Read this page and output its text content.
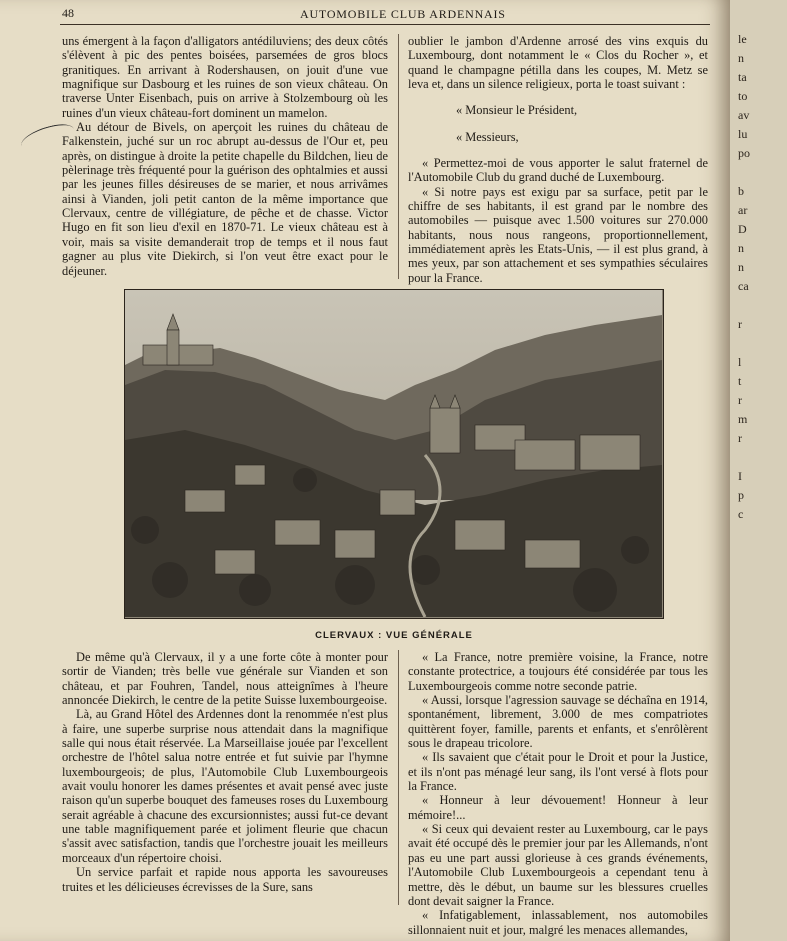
48	AUTOMOBILE CLUB ARDENNAIS

uns émergent à la façon d'alligators antédiluviens; des deux côtés s'élèvent à pic des pentes boisées, parsemées de gros blocs granitiques. En arrivant à Rodershausen, on jouit d'une vue magnifique sur Dasbourg et les ruines de son vieux château. On traverse Unter Eisenbach, puis on arrive à Stolzembourg où les ruines d'un vieux château-fort dominent un mamelon.

Au détour de Bivels, on aperçoit les ruines du château de Falkenstein, juché sur un roc abrupt au-dessus de l'Our et, peu après, on distingue à droite la petite chapelle du Bildchen, lieu de pèlerinage très fréquenté pour la guérison des ophtalmies et aussi par les jeunes filles désireuses de se marier, et nous arrivâmes ainsi à Vianden, joli petit canton de la même importance que Clervaux, centre de villégiature, de pêche et de chasse. Victor Hugo en fit son lieu d'exil en 1870-71. Le vieux château est à voir, mais sa visite demanderait trop de temps et il nous faut gagner au plus vite Diekirch, si l'on veut être exact pour le déjeuner.

oublier le jambon d'Ardenne arrosé des vins exquis du Luxembourg, dont notamment le « Clos du Rocher », et quand le champagne pétilla dans les coupes, M. Metz se leva et, dans un silence religieux, porta le toast suivant :

« Monsieur le Président,

« Messieurs,

« Permettez-moi de vous apporter le salut fraternel de l'Automobile Club du grand duché de Luxembourg.

« Si notre pays est exigu par sa surface, petit par le chiffre de ses habitants, il est grand par le nombre des automobiles — puisque avec 1.500 voitures sur 270.000 habitants, nous nous rangeons, proportionnellement, immédiatement après les Etats-Unis, — il est plus grand, à mes yeux, par son attachement et ses sympathies séculaires pour la France.

CLERVAUX : VUE GÉNÉRALE

De même qu'à Clervaux, il y a une forte côte à monter pour sortir de Vianden; très belle vue générale sur Vianden et son château, et par Fouhren, Tandel, nous atteignîmes à l'heure annoncée Diekirch, le centre de la petite Suisse luxembourgeoise.

Là, au Grand Hôtel des Ardennes dont la renommée n'est plus à faire, une superbe surprise nous attendait dans la magnifique salle qui nous était réservée. La Marseillaise jouée par l'excellent orchestre de l'hôtel salua notre entrée et fut suivie par l'hymne luxembourgeois; de plus, l'Automobile Club Luxembourgeois avait voulu honorer les dames présentes et avait pensé avec juste raison qu'un superbe bouquet des fameuses roses du Luxembourg serait agréable à chacune des excursionnistes; aussi fut-ce devant une table magnifiquement parée et joliment fleurie que chacun s'assit avec satisfaction, tandis que l'orchestre jouait les meilleurs morceaux d'un répertoire choisi.

Un service parfait et rapide nous apporta les savoureuses truites et les délicieuses écrevisses de la Sure, sans

« La France, notre première voisine, la France, notre constante protectrice, a toujours été considérée par tous les Luxembourgeois comme notre seconde patrie.

« Aussi, lorsque l'agression sauvage se déchaîna en 1914, spontanément, librement, 3.000 de mes compatriotes quittèrent foyer, famille, parents et enfants, et s'enrôlèrent sous le drapeau tricolore.

« Ils savaient que c'était pour le Droit et pour la Justice, et ils n'ont pas ménagé leur sang, ils l'ont versé à flots pour la France.

« Honneur à leur dévouement! Honneur à leur mémoire!...

« Si ceux qui devaient rester au Luxembourg, car le pays avait été occupé dès le premier jour par les Allemands, n'ont pas eu une part aussi glorieuse à ces grands événements, l'Automobile Club Luxembourgeois a cependant tenu à mettre, dès le début, un baume sur les blessures cruelles dont devait saigner la France.

« Infatigablement, inlassablement, nos automobiles sillonnaient nuit et jour, malgré les menaces allemandes,

le
n
ta
to
av
lu
po

b
ar
D
n
n
ca

r

l
t
r
m
r

I
p
c
